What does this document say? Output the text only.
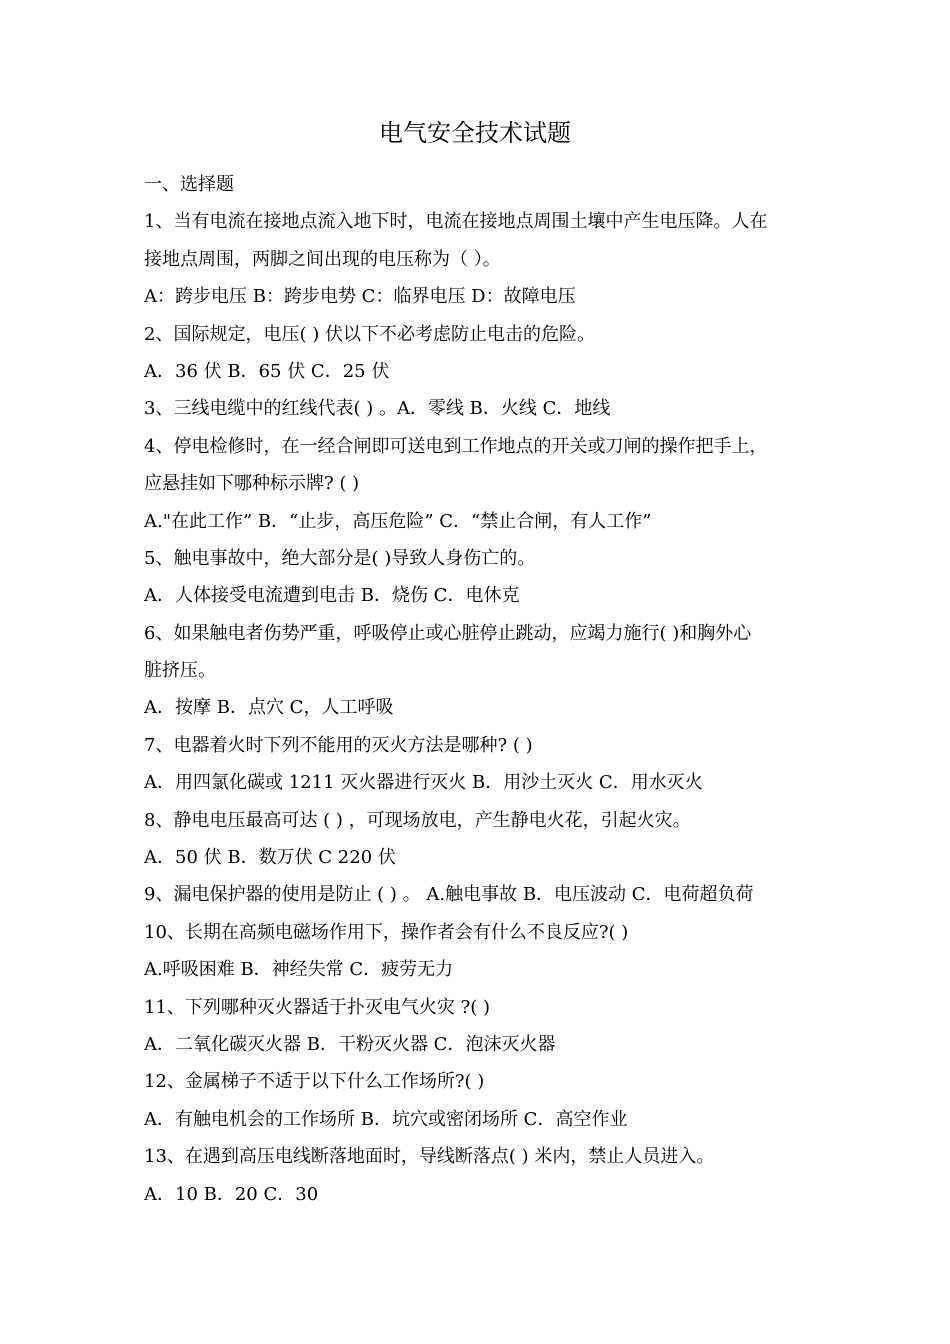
电气安全技术试题
一、选择题
1、当有电流在接地点流入地下时，电流在接地点周围土壤中产生电压降。人在
接地点周围，两脚之间出现的电压称为（ ）。
A：跨步电压 B：跨步电势 C：临界电压 D：故障电压
2、国际规定，电压( ) 伏以下不必考虑防止电击的危险。
A．36 伏 B．65 伏 C．25 伏
3、三线电缆中的红线代表( ) 。A．零线 B．火线 C．地线
4、停电检修时，在一经合闸即可送电到工作地点的开关或刀闸的操作把手上，
应悬挂如下哪种标示牌? ( )
A."在此工作” B．“止步，高压危险” C．“禁止合闸，有人工作”
5、触电事故中，绝大部分是( )导致人身伤亡的。
A．人体接受电流遭到电击 B．烧伤 C．电休克
6、如果触电者伤势严重，呼吸停止或心脏停止跳动，应竭力施行( )和胸外心
脏挤压。
A．按摩 B．点穴 C，人工呼吸
7、电器着火时下列不能用的灭火方法是哪种? ( )
A．用四氯化碳或 1211 灭火器进行灭火 B．用沙土灭火 C．用水灭火
8、静电电压最高可达 ( ) ，可现场放电，产生静电火花，引起火灾。
A．50 伏 B．数万伏 C 220 伏
9、漏电保护器的使用是防止 ( ) 。 A.触电事故 B．电压波动 C．电荷超负荷
10、长期在高频电磁场作用下，操作者会有什么不良反应?( )
A.呼吸困难 B．神经失常 C．疲劳无力
11、下列哪种灭火器适于扑灭电气火灾 ?( )
A．二氧化碳灭火器 B．干粉灭火器 C．泡沫灭火器
12、金属梯子不适于以下什么工作场所?( )
A．有触电机会的工作场所 B．坑穴或密闭场所 C．高空作业
13、在遇到高压电线断落地面时，导线断落点( ) 米内，禁止人员进入。
A．10 B．20 C．30
